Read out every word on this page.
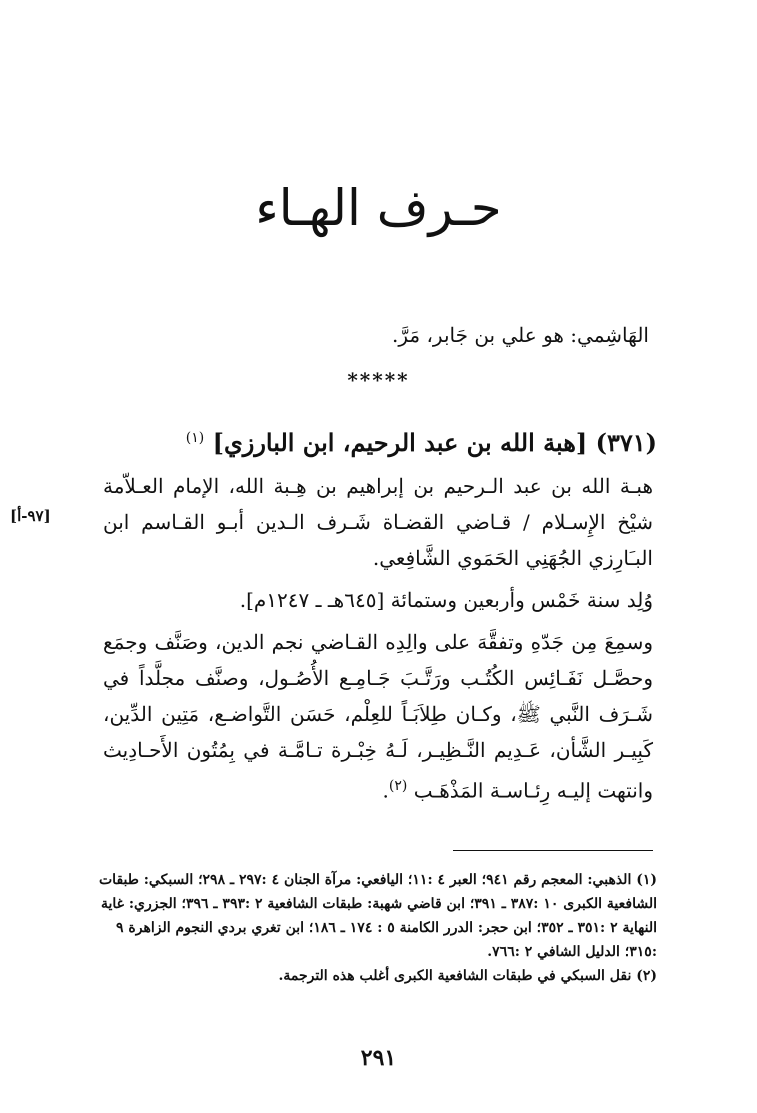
حـرف الهـاء
الهَاشِمي: هو علي بن جَابر، مَرَّ.
*****
(٣٧١) [هبة الله بن عبد الرحيم، ابن البارزي] $^{(١)}$
[٩٧-أ]

هبـة الله بن عبد الـرحيم بن إبراهيم بن هِـبة الله، الإمام العـلاّمة شيْخ الإِسـلام / قـاضي القضـاة شَـرف الـدين أبـو القـاسم ابن البـَارِزي الجُهَنِي الحَمَوي الشَّافِعي.

وُلِد سنة خَمْس وأربعين وستمائة [٦٤٥هـ ـ ١٢٤٧م].

وسمِعَ مِن جَدّهِ وتفقَّهَ على والِدِه القـاضي نجم الدين، وصَنَّف وجمَع وحصَّـل نَفَـائِس الكُتُـب ورَتَّـبَ جَـامِـع الأُصُـول، وصنَّف مجلَّداً في شَـرَف النَّبي ﷺ، وكـان طِلاَبَـاً للعِلْم، حَسَن التَّواضـع، مَتِين الدِّين، كَبِيـر الشَّأن، عَـدِيم النَّـظِيـر، لَـهُ خِبْـرة تـامَّـة في بِمُتُون الأَحـادِيث وانتهت إليـه رِئـاسـة المَذْهَـب $^{(٢)}$.

(١) الذهبي: المعجم رقم ٩٤١؛ العبر ٤ :١١؛ اليافعي: مرآة الجنان ٤ :٢٩٧ ـ ٢٩٨؛ السبكي: طبقات الشافعية الكبرى ١٠ :٣٨٧ ـ ٣٩١؛ ابن قاضي شهبة: طبقات الشافعية ٢ :٣٩٣ ـ ٣٩٦؛ الجزري: غاية النهاية ٢ :٣٥١ ـ ٣٥٢؛ ابن حجر: الدرر الكامنة ٥ : ١٧٤ ـ ١٨٦؛ ابن تغري بردي النجوم الزاهرة ٩ :٣١٥؛ الدليل الشافي ٢ :٧٦٦.

(٢) نقل السبكي في طبقات الشافعية الكبرى أغلب هذه الترجمة.

٢٩١
